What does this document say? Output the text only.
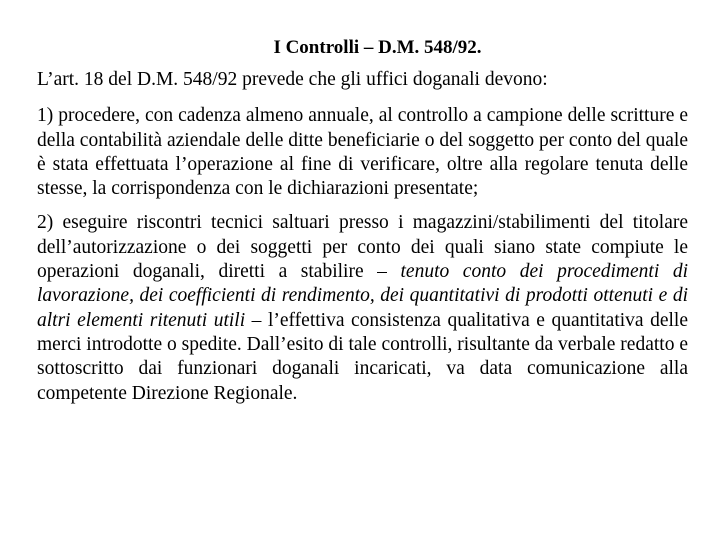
I Controlli – D.M. 548/92.

L’art. 18 del D.M. 548/92 prevede che gli uffici doganali devono:

1) procedere, con cadenza almeno annuale, al controllo a campione delle scritture e della contabilità aziendale delle ditte beneficiarie o del soggetto per conto del quale è stata effettuata l’operazione al fine di verificare, oltre alla regolare tenuta delle stesse, la corrispondenza con le dichiarazioni presentate;

2) eseguire riscontri tecnici saltuari presso i magazzini/stabilimenti del titolare dell’autorizzazione o dei soggetti per conto dei quali siano state compiute le operazioni doganali, diretti a stabilire – tenuto conto dei procedimenti di lavorazione, dei coefficienti di rendimento, dei quantitativi di prodotti ottenuti e di altri elementi ritenuti utili – l’effettiva consistenza qualitativa e quantitativa delle merci introdotte o spedite. Dall’esito di tale controlli, risultante da verbale redatto e sottoscritto dai funzionari doganali incaricati, va data comunicazione alla competente Direzione Regionale.
